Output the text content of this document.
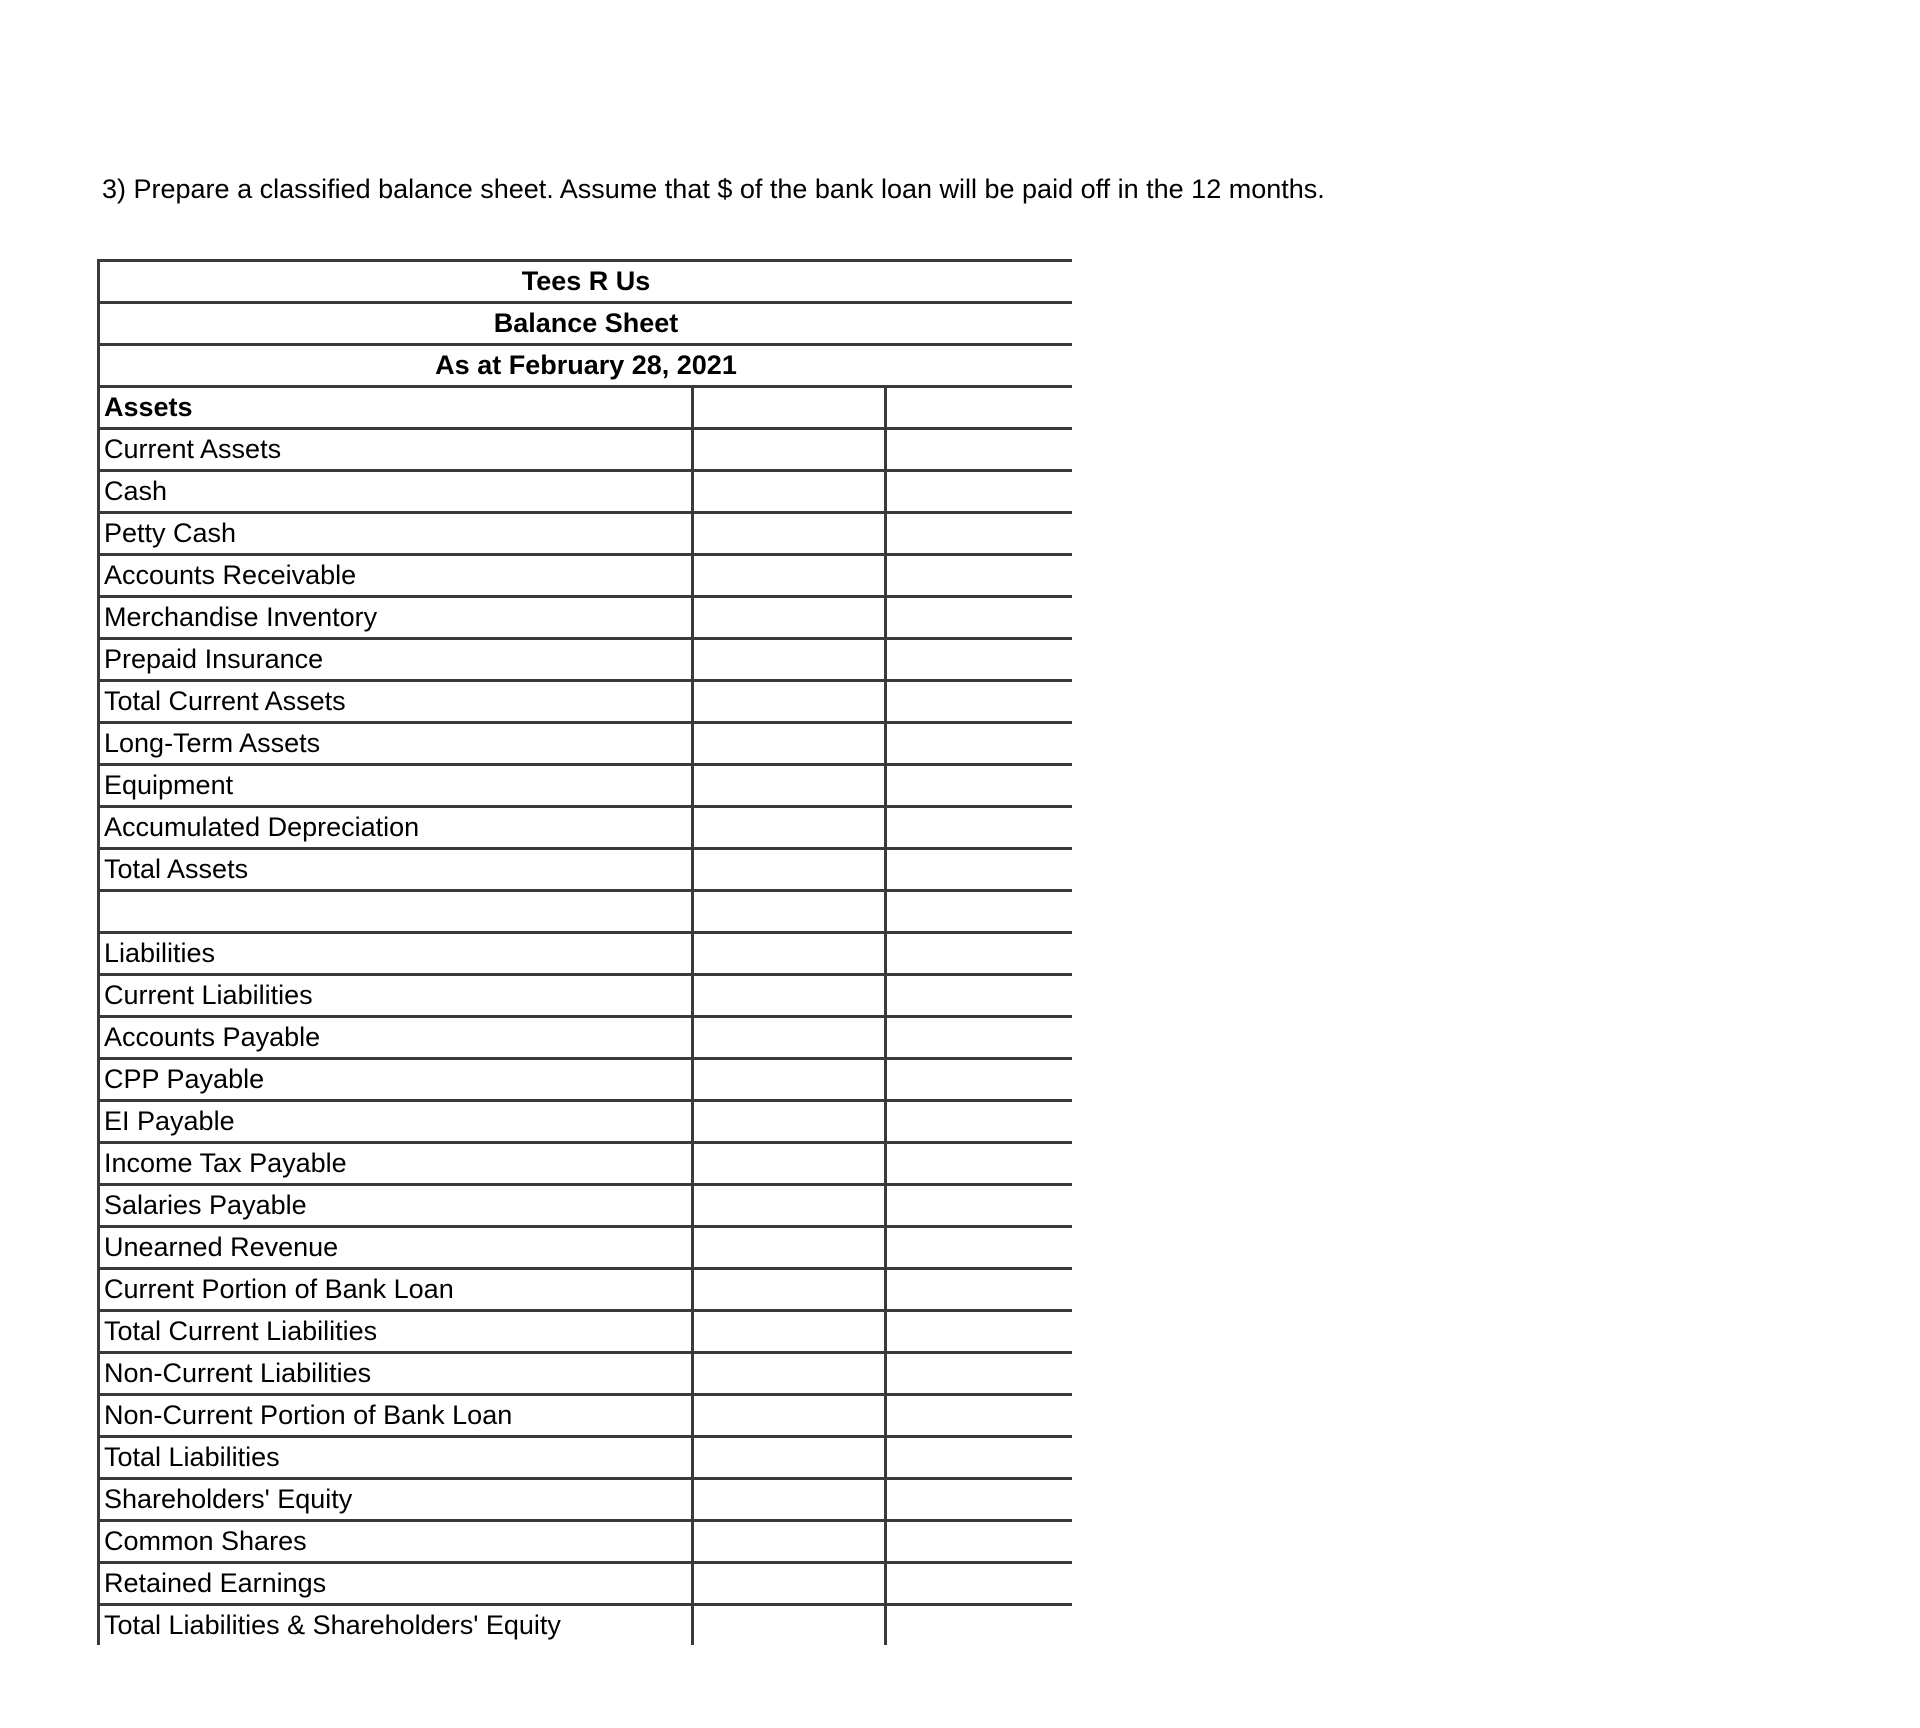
3) Prepare a classified balance sheet. Assume that $ of the bank loan will be paid off in the 12 months.
Tees R Us		
Balance Sheet		
As at February 28, 2021		
Assets		
Current Assets		
Cash		
Petty Cash		
Accounts Receivable		
Merchandise Inventory		
Prepaid Insurance		
Total Current Assets		
Long-Term Assets		
Equipment		
Accumulated Depreciation		
Total Assets		

Liabilities		
Current Liabilities		
Accounts Payable		
CPP Payable		
EI Payable		
Income Tax Payable		
Salaries Payable		
Unearned Revenue		
Current Portion of Bank Loan		
Total Current Liabilities		
Non-Current Liabilities		
Non-Current Portion of Bank Loan		
Total Liabilities		
Shareholders' Equity		
Common Shares		
Retained Earnings		
Total Liabilities & Shareholders' Equity		
